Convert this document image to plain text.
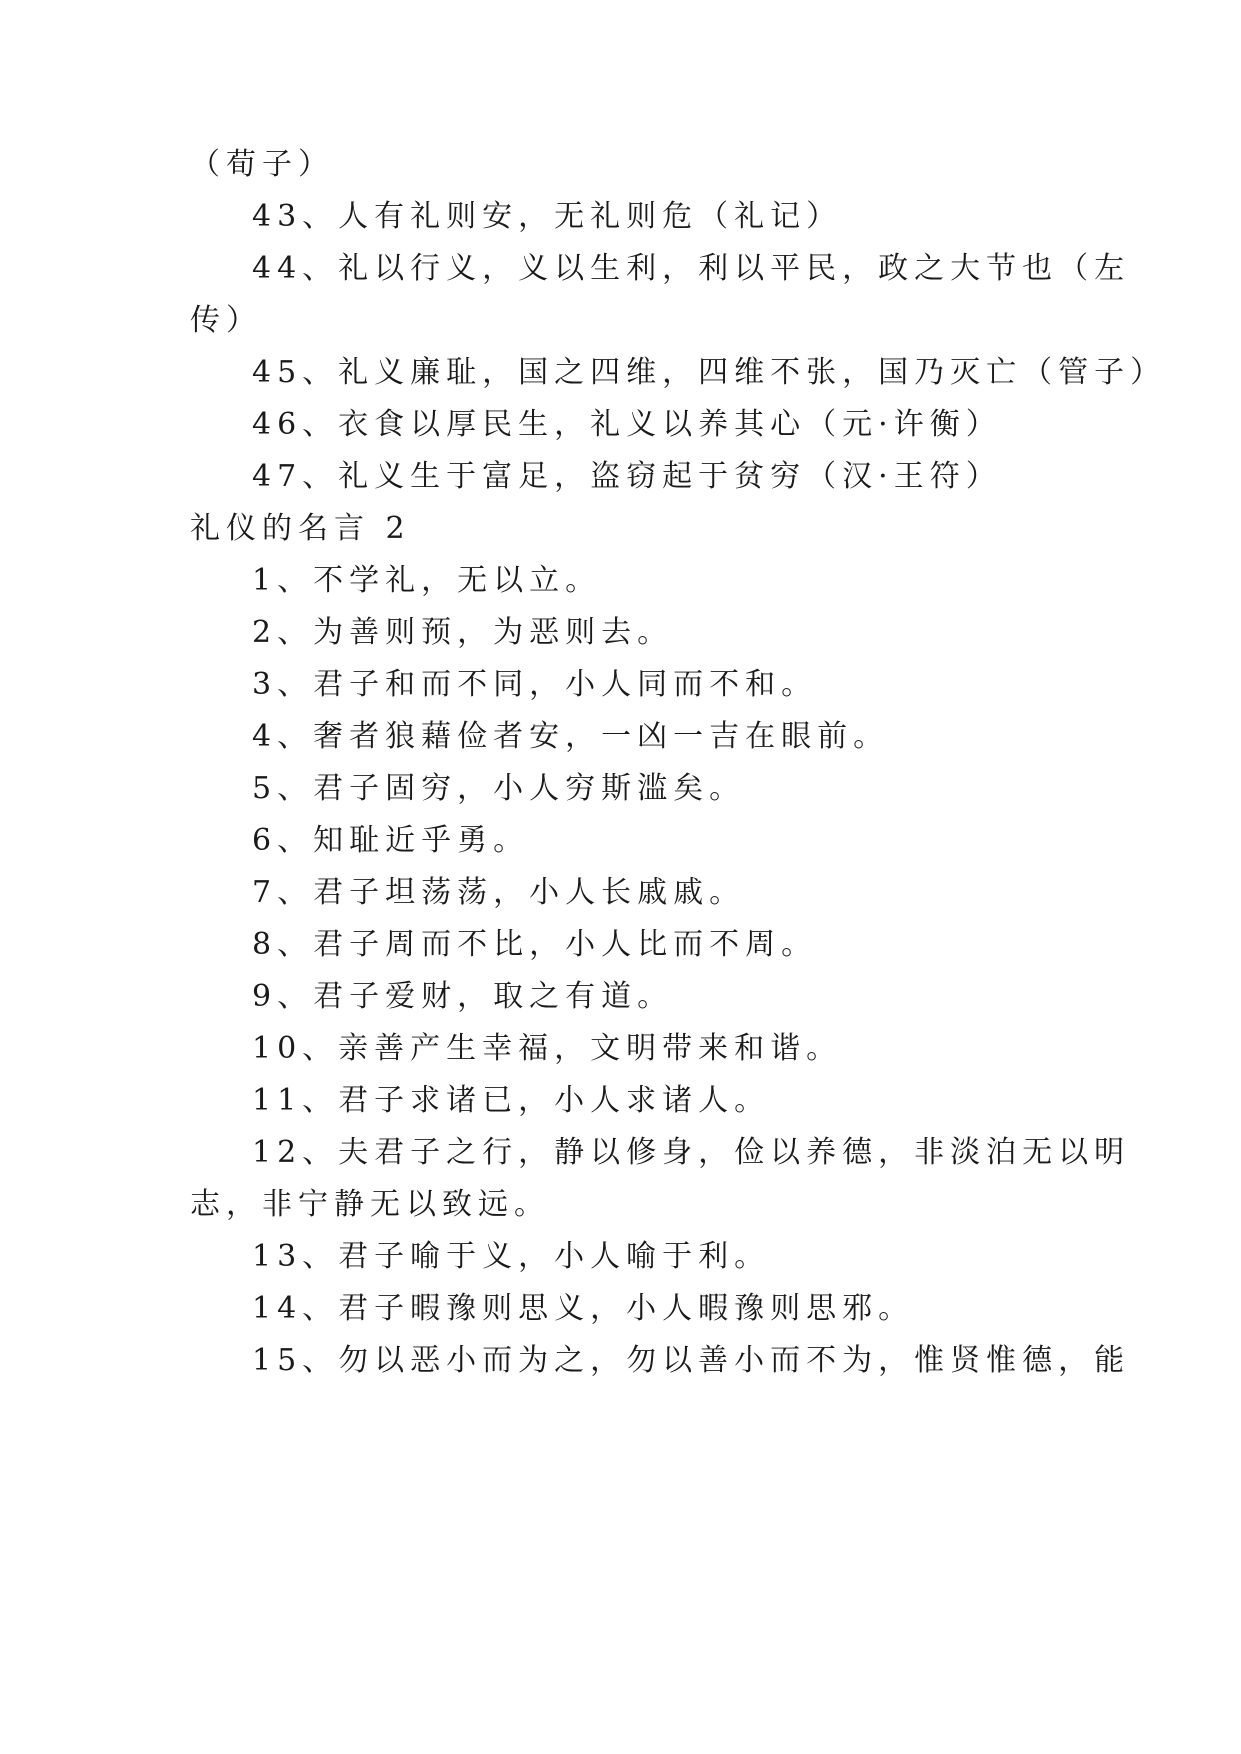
（荀子）
43、人有礼则安，无礼则危（礼记）
44、礼以行义，义以生利，利以平民，政之大节也（左
传）
45、礼义廉耻，国之四维，四维不张，国乃灭亡（管子）
46、衣食以厚民生，礼义以养其心（元·许衡）
47、礼义生于富足，盗窃起于贫穷（汉·王符）
礼仪的名言 2
1、不学礼，无以立。
2、为善则预，为恶则去。
3、君子和而不同，小人同而不和。
4、奢者狼藉俭者安，一凶一吉在眼前。
5、君子固穷，小人穷斯滥矣。
6、知耻近乎勇。
7、君子坦荡荡，小人长戚戚。
8、君子周而不比，小人比而不周。
9、君子爱财，取之有道。
10、亲善产生幸福，文明带来和谐。
11、君子求诸已，小人求诸人。
12、夫君子之行，静以修身，俭以养德，非淡泊无以明
志，非宁静无以致远。
13、君子喻于义，小人喻于利。
14、君子暇豫则思义，小人暇豫则思邪。
15、勿以恶小而为之，勿以善小而不为，惟贤惟德，能
